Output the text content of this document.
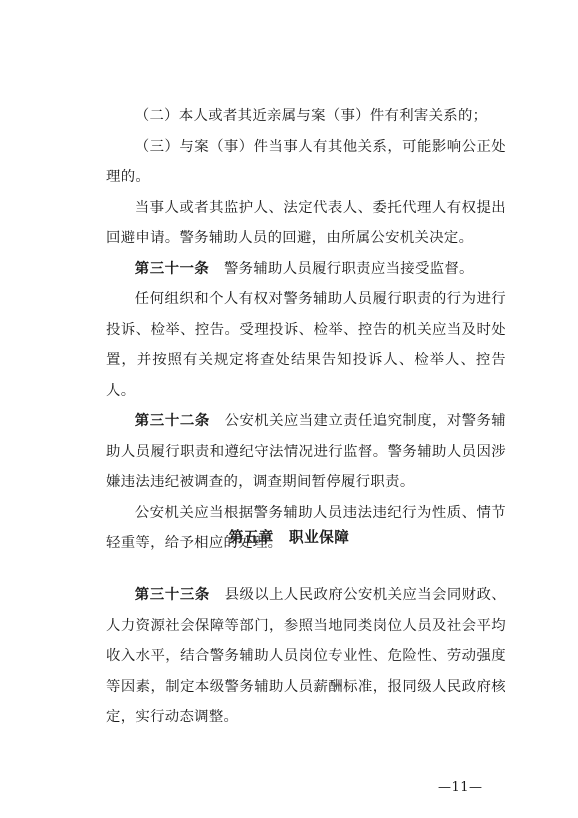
（二）本人或者其近亲属与案（事）件有利害关系的；

（三）与案（事）件当事人有其他关系，可能影响公正处理的。

当事人或者其监护人、法定代表人、委托代理人有权提出回避申请。警务辅助人员的回避，由所属公安机关决定。

第三十一条　 警务辅助人员履行职责应当接受监督。

任何组织和个人有权对警务辅助人员履行职责的行为进行投诉、检举、控告。受理投诉、检举、控告的机关应当及时处置，并按照有关规定将查处结果告知投诉人、检举人、控告人。

第三十二条　 公安机关应当建立责任追究制度，对警务辅助人员履行职责和遵纪守法情况进行监督。警务辅助人员因涉嫌违法违纪被调查的，调查期间暂停履行职责。

公安机关应当根据警务辅助人员违法违纪行为性质、情节轻重等，给予相应的处理。

第五章　职业保障

第三十三条　 县级以上人民政府公安机关应当会同财政、人力资源社会保障等部门，参照当地同类岗位人员及社会平均收入水平，结合警务辅助人员岗位专业性、危险性、劳动强度等因素，制定本级警务辅助人员薪酬标准，报同级人民政府核定，实行动态调整。

—11—
